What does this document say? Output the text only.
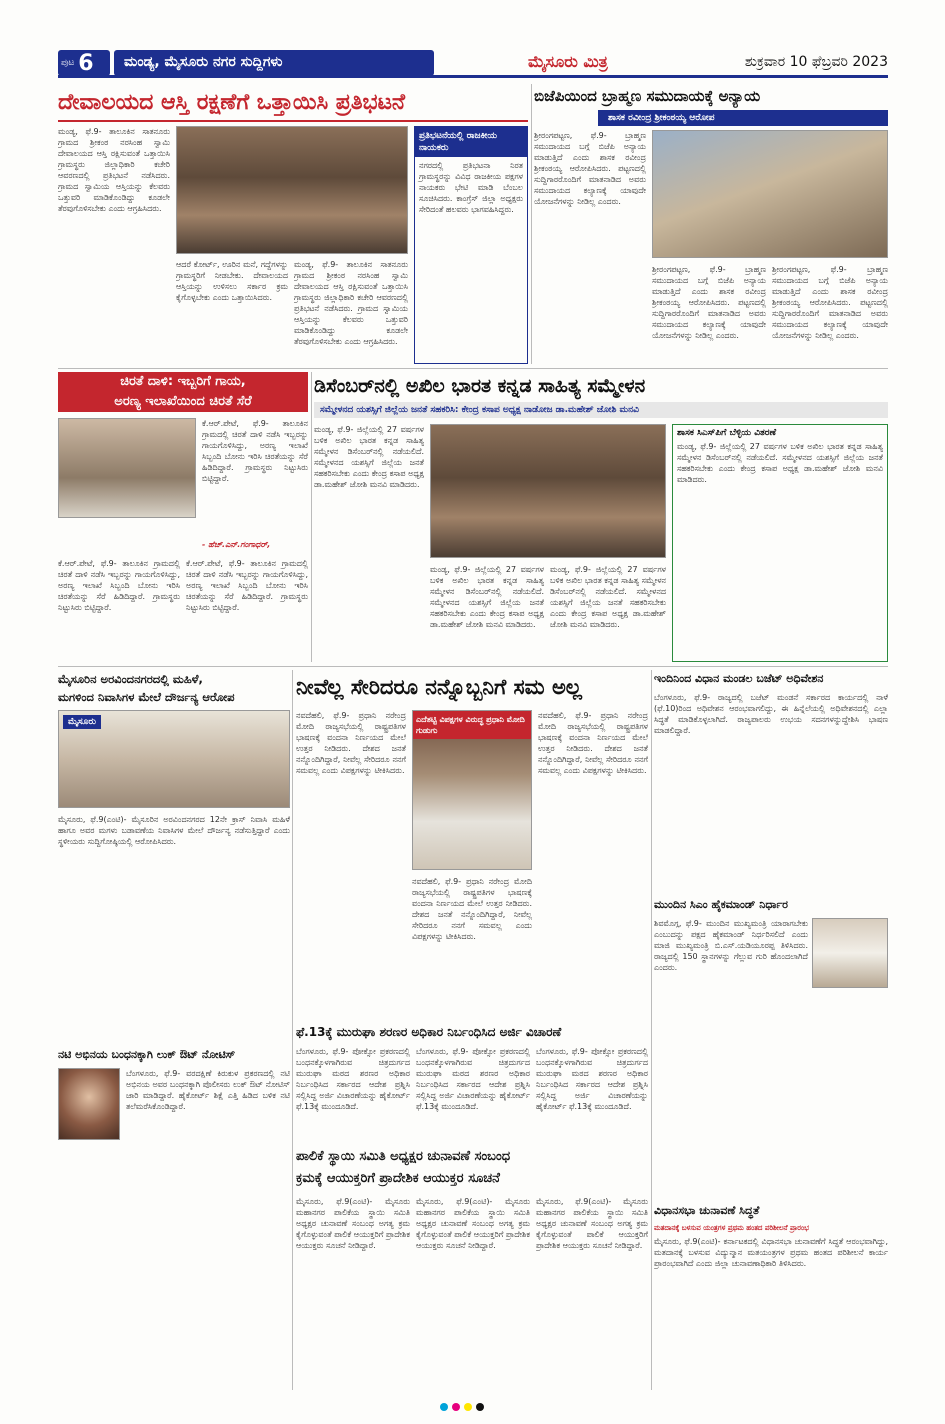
ಪುಟ 6	ಮಂಡ್ಯ, ಮೈಸೂರು ನಗರ ಸುದ್ದಿಗಳು	ಮೈಸೂರು ಮಿತ್ರ	ಶುಕ್ರವಾರ 10 ಫೆಬ್ರವರಿ 2023
ದೇವಾಲಯದ ಆಸ್ತಿ ರಕ್ಷಣೆಗೆ ಒತ್ತಾಯಿಸಿ ಪ್ರತಿಭಟನೆ
ಮಂಡ್ಯ, ಫೆ.9- ತಾಲೂಕಿನ ಸಾತನೂರು ಗ್ರಾಮದ ಶ್ರೀಕಂಠ ನರಸಿಂಹ ಸ್ವಾಮಿ ದೇವಾಲಯದ ಆಸ್ತಿ ರಕ್ಷಿಸುವಂತೆ ಒತ್ತಾಯಿಸಿ ಗ್ರಾಮಸ್ಥರು ಜಿಲ್ಲಾಧಿಕಾರಿ ಕಚೇರಿ ಆವರಣದಲ್ಲಿ ಪ್ರತಿಭಟನೆ ನಡೆಸಿದರು. ಗ್ರಾಮದ ಸ್ವಾಮಿಯ ಆಸ್ತಿಯನ್ನು ಕೆಲವರು ಒತ್ತುವರಿ ಮಾಡಿಕೊಂಡಿದ್ದು ಕೂಡಲೇ ತೆರವುಗೊಳಿಸಬೇಕು ಎಂದು ಆಗ್ರಹಿಸಿದರು.
ಆದರೆ ಕೋರ್ಟ್, ಊರಿನ ಮನೆ, ಗದ್ದೆಗಳನ್ನು ಗ್ರಾಮಸ್ಥರಿಗೆ ನೀಡಬೇಕು. ದೇವಾಲಯದ ಆಸ್ತಿಯನ್ನು ಉಳಿಸಲು ಸರ್ಕಾರ ಕ್ರಮ ಕೈಗೊಳ್ಳಬೇಕು ಎಂದು ಒತ್ತಾಯಿಸಿದರು.
ಮಂಡ್ಯ, ಫೆ.9- ತಾಲೂಕಿನ ಸಾತನೂರು ಗ್ರಾಮದ ಶ್ರೀಕಂಠ ನರಸಿಂಹ ಸ್ವಾಮಿ ದೇವಾಲಯದ ಆಸ್ತಿ ರಕ್ಷಿಸುವಂತೆ ಒತ್ತಾಯಿಸಿ ಗ್ರಾಮಸ್ಥರು ಜಿಲ್ಲಾಧಿಕಾರಿ ಕಚೇರಿ ಆವರಣದಲ್ಲಿ ಪ್ರತಿಭಟನೆ ನಡೆಸಿದರು. ಗ್ರಾಮದ ಸ್ವಾಮಿಯ ಆಸ್ತಿಯನ್ನು ಕೆಲವರು ಒತ್ತುವರಿ ಮಾಡಿಕೊಂಡಿದ್ದು ಕೂಡಲೇ ತೆರವುಗೊಳಿಸಬೇಕು ಎಂದು ಆಗ್ರಹಿಸಿದರು.
ಪ್ರತಿಭಟನೆಯಲ್ಲಿ ರಾಜಕೀಯ ನಾಯಕರು
ನಗರದಲ್ಲಿ ಪ್ರತಿಭಟನಾ ನಿರತ ಗ್ರಾಮಸ್ಥರನ್ನು ವಿವಿಧ ರಾಜಕೀಯ ಪಕ್ಷಗಳ ನಾಯಕರು ಭೇಟಿ ಮಾಡಿ ಬೆಂಬಲ ಸೂಚಿಸಿದರು. ಕಾಂಗ್ರೆಸ್ ಜಿಲ್ಲಾ ಅಧ್ಯಕ್ಷರು ಸೇರಿದಂತೆ ಹಲವರು ಭಾಗವಹಿಸಿದ್ದರು.
ಬಿಜೆಪಿಯಿಂದ ಬ್ರಾಹ್ಮಣ ಸಮುದಾಯಕ್ಕೆ ಅನ್ಯಾಯ
ಶಾಸಕ ರವೀಂದ್ರ ಶ್ರೀಕಂಠಯ್ಯ ಆರೋಪ
ಶ್ರೀರಂಗಪಟ್ಟಣ, ಫೆ.9- ಬ್ರಾಹ್ಮಣ ಸಮುದಾಯದ ಬಗ್ಗೆ ಬಿಜೆಪಿ ಅನ್ಯಾಯ ಮಾಡುತ್ತಿದೆ ಎಂದು ಶಾಸಕ ರವೀಂದ್ರ ಶ್ರೀಕಂಠಯ್ಯ ಆರೋಪಿಸಿದರು. ಪಟ್ಟಣದಲ್ಲಿ ಸುದ್ದಿಗಾರರೊಂದಿಗೆ ಮಾತನಾಡಿದ ಅವರು ಸಮುದಾಯದ ಕಲ್ಯಾಣಕ್ಕೆ ಯಾವುದೇ ಯೋಜನೆಗಳನ್ನು ನೀಡಿಲ್ಲ ಎಂದರು.
ಶ್ರೀರಂಗಪಟ್ಟಣ, ಫೆ.9- ಬ್ರಾಹ್ಮಣ ಸಮುದಾಯದ ಬಗ್ಗೆ ಬಿಜೆಪಿ ಅನ್ಯಾಯ ಮಾಡುತ್ತಿದೆ ಎಂದು ಶಾಸಕ ರವೀಂದ್ರ ಶ್ರೀಕಂಠಯ್ಯ ಆರೋಪಿಸಿದರು. ಪಟ್ಟಣದಲ್ಲಿ ಸುದ್ದಿಗಾರರೊಂದಿಗೆ ಮಾತನಾಡಿದ ಅವರು ಸಮುದಾಯದ ಕಲ್ಯಾಣಕ್ಕೆ ಯಾವುದೇ ಯೋಜನೆಗಳನ್ನು ನೀಡಿಲ್ಲ ಎಂದರು.
ಶ್ರೀರಂಗಪಟ್ಟಣ, ಫೆ.9- ಬ್ರಾಹ್ಮಣ ಸಮುದಾಯದ ಬಗ್ಗೆ ಬಿಜೆಪಿ ಅನ್ಯಾಯ ಮಾಡುತ್ತಿದೆ ಎಂದು ಶಾಸಕ ರವೀಂದ್ರ ಶ್ರೀಕಂಠಯ್ಯ ಆರೋಪಿಸಿದರು. ಪಟ್ಟಣದಲ್ಲಿ ಸುದ್ದಿಗಾರರೊಂದಿಗೆ ಮಾತನಾಡಿದ ಅವರು ಸಮುದಾಯದ ಕಲ್ಯಾಣಕ್ಕೆ ಯಾವುದೇ ಯೋಜನೆಗಳನ್ನು ನೀಡಿಲ್ಲ ಎಂದರು.
ಚಿರತೆ ದಾಳಿ: ಇಬ್ಬರಿಗೆ ಗಾಯ,
ಅರಣ್ಯ ಇಲಾಖೆಯಿಂದ ಚಿರತೆ ಸೆರೆ
ಕೆ.ಆರ್.ಪೇಟೆ, ಫೆ.9- ತಾಲೂಕಿನ ಗ್ರಾಮದಲ್ಲಿ ಚಿರತೆ ದಾಳಿ ನಡೆಸಿ ಇಬ್ಬರನ್ನು ಗಾಯಗೊಳಿಸಿದ್ದು, ಅರಣ್ಯ ಇಲಾಖೆ ಸಿಬ್ಬಂದಿ ಬೋನು ಇರಿಸಿ ಚಿರತೆಯನ್ನು ಸೆರೆ ಹಿಡಿದಿದ್ದಾರೆ. ಗ್ರಾಮಸ್ಥರು ನಿಟ್ಟುಸಿರು ಬಿಟ್ಟಿದ್ದಾರೆ.
- ಹೆಚ್.ಎನ್.ಗಂಗಾಧರ್,
ಕೆ.ಆರ್.ಪೇಟೆ, ಫೆ.9- ತಾಲೂಕಿನ ಗ್ರಾಮದಲ್ಲಿ ಚಿರತೆ ದಾಳಿ ನಡೆಸಿ ಇಬ್ಬರನ್ನು ಗಾಯಗೊಳಿಸಿದ್ದು, ಅರಣ್ಯ ಇಲಾಖೆ ಸಿಬ್ಬಂದಿ ಬೋನು ಇರಿಸಿ ಚಿರತೆಯನ್ನು ಸೆರೆ ಹಿಡಿದಿದ್ದಾರೆ. ಗ್ರಾಮಸ್ಥರು ನಿಟ್ಟುಸಿರು ಬಿಟ್ಟಿದ್ದಾರೆ.
ಕೆ.ಆರ್.ಪೇಟೆ, ಫೆ.9- ತಾಲೂಕಿನ ಗ್ರಾಮದಲ್ಲಿ ಚಿರತೆ ದಾಳಿ ನಡೆಸಿ ಇಬ್ಬರನ್ನು ಗಾಯಗೊಳಿಸಿದ್ದು, ಅರಣ್ಯ ಇಲಾಖೆ ಸಿಬ್ಬಂದಿ ಬೋನು ಇರಿಸಿ ಚಿರತೆಯನ್ನು ಸೆರೆ ಹಿಡಿದಿದ್ದಾರೆ. ಗ್ರಾಮಸ್ಥರು ನಿಟ್ಟುಸಿರು ಬಿಟ್ಟಿದ್ದಾರೆ.
ಡಿಸೆಂಬರ್‌ನಲ್ಲಿ ಅಖಿಲ ಭಾರತ ಕನ್ನಡ ಸಾಹಿತ್ಯ ಸಮ್ಮೇಳನ
ಸಮ್ಮೇಳನದ ಯಶಸ್ಸಿಗೆ ಜಿಲ್ಲೆಯ ಜನತೆ ಸಹಕರಿಸಿ: ಕೇಂದ್ರ ಕಸಾಪ ಅಧ್ಯಕ್ಷ ನಾಡೋಜ ಡಾ.ಮಹೇಶ್ ಜೋಶಿ ಮನವಿ
ಮಂಡ್ಯ, ಫೆ.9- ಜಿಲ್ಲೆಯಲ್ಲಿ 27 ವರ್ಷಗಳ ಬಳಿಕ ಅಖಿಲ ಭಾರತ ಕನ್ನಡ ಸಾಹಿತ್ಯ ಸಮ್ಮೇಳನ ಡಿಸೆಂಬರ್‌ನಲ್ಲಿ ನಡೆಯಲಿದೆ. ಸಮ್ಮೇಳನದ ಯಶಸ್ಸಿಗೆ ಜಿಲ್ಲೆಯ ಜನತೆ ಸಹಕರಿಸಬೇಕು ಎಂದು ಕೇಂದ್ರ ಕಸಾಪ ಅಧ್ಯಕ್ಷ ಡಾ.ಮಹೇಶ್ ಜೋಶಿ ಮನವಿ ಮಾಡಿದರು.
ಮಂಡ್ಯ, ಫೆ.9- ಜಿಲ್ಲೆಯಲ್ಲಿ 27 ವರ್ಷಗಳ ಬಳಿಕ ಅಖಿಲ ಭಾರತ ಕನ್ನಡ ಸಾಹಿತ್ಯ ಸಮ್ಮೇಳನ ಡಿಸೆಂಬರ್‌ನಲ್ಲಿ ನಡೆಯಲಿದೆ. ಸಮ್ಮೇಳನದ ಯಶಸ್ಸಿಗೆ ಜಿಲ್ಲೆಯ ಜನತೆ ಸಹಕರಿಸಬೇಕು ಎಂದು ಕೇಂದ್ರ ಕಸಾಪ ಅಧ್ಯಕ್ಷ ಡಾ.ಮಹೇಶ್ ಜೋಶಿ ಮನವಿ ಮಾಡಿದರು.
ಮಂಡ್ಯ, ಫೆ.9- ಜಿಲ್ಲೆಯಲ್ಲಿ 27 ವರ್ಷಗಳ ಬಳಿಕ ಅಖಿಲ ಭಾರತ ಕನ್ನಡ ಸಾಹಿತ್ಯ ಸಮ್ಮೇಳನ ಡಿಸೆಂಬರ್‌ನಲ್ಲಿ ನಡೆಯಲಿದೆ. ಸಮ್ಮೇಳನದ ಯಶಸ್ಸಿಗೆ ಜಿಲ್ಲೆಯ ಜನತೆ ಸಹಕರಿಸಬೇಕು ಎಂದು ಕೇಂದ್ರ ಕಸಾಪ ಅಧ್ಯಕ್ಷ ಡಾ.ಮಹೇಶ್ ಜೋಶಿ ಮನವಿ ಮಾಡಿದರು.
ಶಾಸಕ ಸಿಎಸ್‌ಪಿಗೆ ಬೆಳ್ಳಿಯ ವಿತರಣೆ
ಮಂಡ್ಯ, ಫೆ.9- ಜಿಲ್ಲೆಯಲ್ಲಿ 27 ವರ್ಷಗಳ ಬಳಿಕ ಅಖಿಲ ಭಾರತ ಕನ್ನಡ ಸಾಹಿತ್ಯ ಸಮ್ಮೇಳನ ಡಿಸೆಂಬರ್‌ನಲ್ಲಿ ನಡೆಯಲಿದೆ. ಸಮ್ಮೇಳನದ ಯಶಸ್ಸಿಗೆ ಜಿಲ್ಲೆಯ ಜನತೆ ಸಹಕರಿಸಬೇಕು ಎಂದು ಕೇಂದ್ರ ಕಸಾಪ ಅಧ್ಯಕ್ಷ ಡಾ.ಮಹೇಶ್ ಜೋಶಿ ಮನವಿ ಮಾಡಿದರು.
ಮೈಸೂರಿನ ಅರವಿಂದನಗರದಲ್ಲಿ ಮಹಿಳೆ,
ಮಗಳಿಂದ ನಿವಾಸಿಗಳ ಮೇಲೆ ದೌರ್ಜನ್ಯ ಆರೋಪ
ಮೈಸೂರು
ಮೈಸೂರು, ಫೆ.9(ಎಂಟಿ)- ಮೈಸೂರಿನ ಅರವಿಂದನಗರದ 12ನೇ ಕ್ರಾಸ್ ನಿವಾಸಿ ಮಹಿಳೆ ಹಾಗೂ ಅವರ ಮಗಳು ಬಡಾವಣೆಯ ನಿವಾಸಿಗಳ ಮೇಲೆ ದೌರ್ಜನ್ಯ ನಡೆಸುತ್ತಿದ್ದಾರೆ ಎಂದು ಸ್ಥಳೀಯರು ಸುದ್ದಿಗೋಷ್ಠಿಯಲ್ಲಿ ಆರೋಪಿಸಿದರು.
ನೀವೆಲ್ಲ ಸೇರಿದರೂ ನನ್ನೊಬ್ಬನಿಗೆ ಸಮ ಅಲ್ಲ
ನವದೆಹಲಿ, ಫೆ.9- ಪ್ರಧಾನಿ ನರೇಂದ್ರ ಮೋದಿ ರಾಜ್ಯಸಭೆಯಲ್ಲಿ ರಾಷ್ಟ್ರಪತಿಗಳ ಭಾಷಣಕ್ಕೆ ವಂದನಾ ನಿರ್ಣಯದ ಮೇಲೆ ಉತ್ತರ ನೀಡಿದರು. ದೇಶದ ಜನತೆ ನನ್ನೊಂದಿಗಿದ್ದಾರೆ, ನೀವೆಲ್ಲ ಸೇರಿದರೂ ನನಗೆ ಸಮವಲ್ಲ ಎಂದು ವಿಪಕ್ಷಗಳನ್ನು ಟೀಕಿಸಿದರು.
ಎದೆತಟ್ಟಿ ವಿಪಕ್ಷಗಳ ವಿರುದ್ಧ ಪ್ರಧಾನಿ ಮೋದಿ ಗುಡುಗು
ನವದೆಹಲಿ, ಫೆ.9- ಪ್ರಧಾನಿ ನರೇಂದ್ರ ಮೋದಿ ರಾಜ್ಯಸಭೆಯಲ್ಲಿ ರಾಷ್ಟ್ರಪತಿಗಳ ಭಾಷಣಕ್ಕೆ ವಂದನಾ ನಿರ್ಣಯದ ಮೇಲೆ ಉತ್ತರ ನೀಡಿದರು. ದೇಶದ ಜನತೆ ನನ್ನೊಂದಿಗಿದ್ದಾರೆ, ನೀವೆಲ್ಲ ಸೇರಿದರೂ ನನಗೆ ಸಮವಲ್ಲ ಎಂದು ವಿಪಕ್ಷಗಳನ್ನು ಟೀಕಿಸಿದರು.
ನವದೆಹಲಿ, ಫೆ.9- ಪ್ರಧಾನಿ ನರೇಂದ್ರ ಮೋದಿ ರಾಜ್ಯಸಭೆಯಲ್ಲಿ ರಾಷ್ಟ್ರಪತಿಗಳ ಭಾಷಣಕ್ಕೆ ವಂದನಾ ನಿರ್ಣಯದ ಮೇಲೆ ಉತ್ತರ ನೀಡಿದರು. ದೇಶದ ಜನತೆ ನನ್ನೊಂದಿಗಿದ್ದಾರೆ, ನೀವೆಲ್ಲ ಸೇರಿದರೂ ನನಗೆ ಸಮವಲ್ಲ ಎಂದು ವಿಪಕ್ಷಗಳನ್ನು ಟೀಕಿಸಿದರು.
ಇಂದಿನಿಂದ ವಿಧಾನ ಮಂಡಲ ಬಜೆಟ್ ಅಧಿವೇಶನ
ಬೆಂಗಳೂರು, ಫೆ.9- ರಾಜ್ಯದಲ್ಲಿ ಬಜೆಟ್ ಮಂಡನೆ ಸರ್ಕಾರದ ಕಾರ್ಯದಲ್ಲಿ ನಾಳೆ (ಫೆ.10)ರಿಂದ ಅಧಿವೇಶನ ಆರಂಭವಾಗಲಿದ್ದು, ಈ ಹಿನ್ನೆಲೆಯಲ್ಲಿ ಅಧಿವೇಶನದಲ್ಲಿ ಎಲ್ಲಾ ಸಿದ್ಧತೆ ಮಾಡಿಕೊಳ್ಳಲಾಗಿದೆ. ರಾಜ್ಯಪಾಲರು ಉಭಯ ಸದನಗಳನ್ನುದ್ದೇಶಿಸಿ ಭಾಷಣ ಮಾಡಲಿದ್ದಾರೆ.
ಮುಂದಿನ ಸಿಎಂ ಹೈಕಮಾಂಡ್ ನಿರ್ಧಾರ
ಶಿವಮೊಗ್ಗ, ಫೆ.9- ಮುಂದಿನ ಮುಖ್ಯಮಂತ್ರಿ ಯಾರಾಗಬೇಕು ಎಂಬುದನ್ನು ಪಕ್ಷದ ಹೈಕಮಾಂಡ್ ನಿರ್ಧರಿಸಲಿದೆ ಎಂದು ಮಾಜಿ ಮುಖ್ಯಮಂತ್ರಿ ಬಿ.ಎಸ್.ಯಡಿಯೂರಪ್ಪ ತಿಳಿಸಿದರು. ರಾಜ್ಯದಲ್ಲಿ 150 ಸ್ಥಾನಗಳನ್ನು ಗೆಲ್ಲುವ ಗುರಿ ಹೊಂದಲಾಗಿದೆ ಎಂದರು.
ಫೆ.13ಕ್ಕೆ ಮುರುಘಾ ಶರಣರ ಅಧಿಕಾರ ನಿರ್ಬಂಧಿಸಿದ ಅರ್ಜಿ ವಿಚಾರಣೆ
ಬೆಂಗಳೂರು, ಫೆ.9- ಪೋಕ್ಸೋ ಪ್ರಕರಣದಲ್ಲಿ ಬಂಧನಕ್ಕೊಳಗಾಗಿರುವ ಚಿತ್ರದುರ್ಗದ ಮುರುಘಾ ಮಠದ ಶರಣರ ಅಧಿಕಾರ ನಿರ್ಬಂಧಿಸಿದ ಸರ್ಕಾರದ ಆದೇಶ ಪ್ರಶ್ನಿಸಿ ಸಲ್ಲಿಸಿದ್ದ ಅರ್ಜಿ ವಿಚಾರಣೆಯನ್ನು ಹೈಕೋರ್ಟ್ ಫೆ.13ಕ್ಕೆ ಮುಂದೂಡಿದೆ.
ಬೆಂಗಳೂರು, ಫೆ.9- ಪೋಕ್ಸೋ ಪ್ರಕರಣದಲ್ಲಿ ಬಂಧನಕ್ಕೊಳಗಾಗಿರುವ ಚಿತ್ರದುರ್ಗದ ಮುರುಘಾ ಮಠದ ಶರಣರ ಅಧಿಕಾರ ನಿರ್ಬಂಧಿಸಿದ ಸರ್ಕಾರದ ಆದೇಶ ಪ್ರಶ್ನಿಸಿ ಸಲ್ಲಿಸಿದ್ದ ಅರ್ಜಿ ವಿಚಾರಣೆಯನ್ನು ಹೈಕೋರ್ಟ್ ಫೆ.13ಕ್ಕೆ ಮುಂದೂಡಿದೆ.
ಬೆಂಗಳೂರು, ಫೆ.9- ಪೋಕ್ಸೋ ಪ್ರಕರಣದಲ್ಲಿ ಬಂಧನಕ್ಕೊಳಗಾಗಿರುವ ಚಿತ್ರದುರ್ಗದ ಮುರುಘಾ ಮಠದ ಶರಣರ ಅಧಿಕಾರ ನಿರ್ಬಂಧಿಸಿದ ಸರ್ಕಾರದ ಆದೇಶ ಪ್ರಶ್ನಿಸಿ ಸಲ್ಲಿಸಿದ್ದ ಅರ್ಜಿ ವಿಚಾರಣೆಯನ್ನು ಹೈಕೋರ್ಟ್ ಫೆ.13ಕ್ಕೆ ಮುಂದೂಡಿದೆ.
ನಟಿ ಅಭಿನಯ ಬಂಧನಕ್ಕಾಗಿ ಲುಕ್ ಔಟ್ ನೋಟಿಸ್
ಬೆಂಗಳೂರು, ಫೆ.9- ವರದಕ್ಷಿಣೆ ಕಿರುಕುಳ ಪ್ರಕರಣದಲ್ಲಿ ನಟಿ ಅಭಿನಯ ಅವರ ಬಂಧನಕ್ಕಾಗಿ ಪೊಲೀಸರು ಲುಕ್ ಔಟ್ ನೋಟಿಸ್ ಜಾರಿ ಮಾಡಿದ್ದಾರೆ. ಹೈಕೋರ್ಟ್ ಶಿಕ್ಷೆ ಎತ್ತಿ ಹಿಡಿದ ಬಳಿಕ ನಟಿ ತಲೆಮರೆಸಿಕೊಂಡಿದ್ದಾರೆ.
ಪಾಲಿಕೆ ಸ್ಥಾಯಿ ಸಮಿತಿ ಅಧ್ಯಕ್ಷರ ಚುನಾವಣೆ ಸಂಬಂಧ
ಕ್ರಮಕ್ಕೆ ಆಯುಕ್ತರಿಗೆ ಪ್ರಾದೇಶಿಕ ಆಯುಕ್ತರ ಸೂಚನೆ
ಮೈಸೂರು, ಫೆ.9(ಎಂಟಿ)- ಮೈಸೂರು ಮಹಾನಗರ ಪಾಲಿಕೆಯ ಸ್ಥಾಯಿ ಸಮಿತಿ ಅಧ್ಯಕ್ಷರ ಚುನಾವಣೆ ಸಂಬಂಧ ಅಗತ್ಯ ಕ್ರಮ ಕೈಗೊಳ್ಳುವಂತೆ ಪಾಲಿಕೆ ಆಯುಕ್ತರಿಗೆ ಪ್ರಾದೇಶಿಕ ಆಯುಕ್ತರು ಸೂಚನೆ ನೀಡಿದ್ದಾರೆ.
ಮೈಸೂರು, ಫೆ.9(ಎಂಟಿ)- ಮೈಸೂರು ಮಹಾನಗರ ಪಾಲಿಕೆಯ ಸ್ಥಾಯಿ ಸಮಿತಿ ಅಧ್ಯಕ್ಷರ ಚುನಾವಣೆ ಸಂಬಂಧ ಅಗತ್ಯ ಕ್ರಮ ಕೈಗೊಳ್ಳುವಂತೆ ಪಾಲಿಕೆ ಆಯುಕ್ತರಿಗೆ ಪ್ರಾದೇಶಿಕ ಆಯುಕ್ತರು ಸೂಚನೆ ನೀಡಿದ್ದಾರೆ.
ಮೈಸೂರು, ಫೆ.9(ಎಂಟಿ)- ಮೈಸೂರು ಮಹಾನಗರ ಪಾಲಿಕೆಯ ಸ್ಥಾಯಿ ಸಮಿತಿ ಅಧ್ಯಕ್ಷರ ಚುನಾವಣೆ ಸಂಬಂಧ ಅಗತ್ಯ ಕ್ರಮ ಕೈಗೊಳ್ಳುವಂತೆ ಪಾಲಿಕೆ ಆಯುಕ್ತರಿಗೆ ಪ್ರಾದೇಶಿಕ ಆಯುಕ್ತರು ಸೂಚನೆ ನೀಡಿದ್ದಾರೆ.
ವಿಧಾನಸಭಾ ಚುನಾವಣೆ ಸಿದ್ಧತೆ
ಮತದಾನಕ್ಕೆ ಬಳಸುವ ಯಂತ್ರಗಳ ಪ್ರಥಮ ಹಂತದ ಪರಿಶೀಲನೆ ಪ್ರಾರಂಭ
ಮೈಸೂರು, ಫೆ.9(ಎಂಟಿ)- ಕರ್ನಾಟಕದಲ್ಲಿ ವಿಧಾನಸಭಾ ಚುನಾವಣೆಗೆ ಸಿದ್ಧತೆ ಆರಂಭವಾಗಿದ್ದು, ಮತದಾನಕ್ಕೆ ಬಳಸುವ ವಿದ್ಯುನ್ಮಾನ ಮತಯಂತ್ರಗಳ ಪ್ರಥಮ ಹಂತದ ಪರಿಶೀಲನೆ ಕಾರ್ಯ ಪ್ರಾರಂಭವಾಗಿದೆ ಎಂದು ಜಿಲ್ಲಾ ಚುನಾವಣಾಧಿಕಾರಿ ತಿಳಿಸಿದರು.
